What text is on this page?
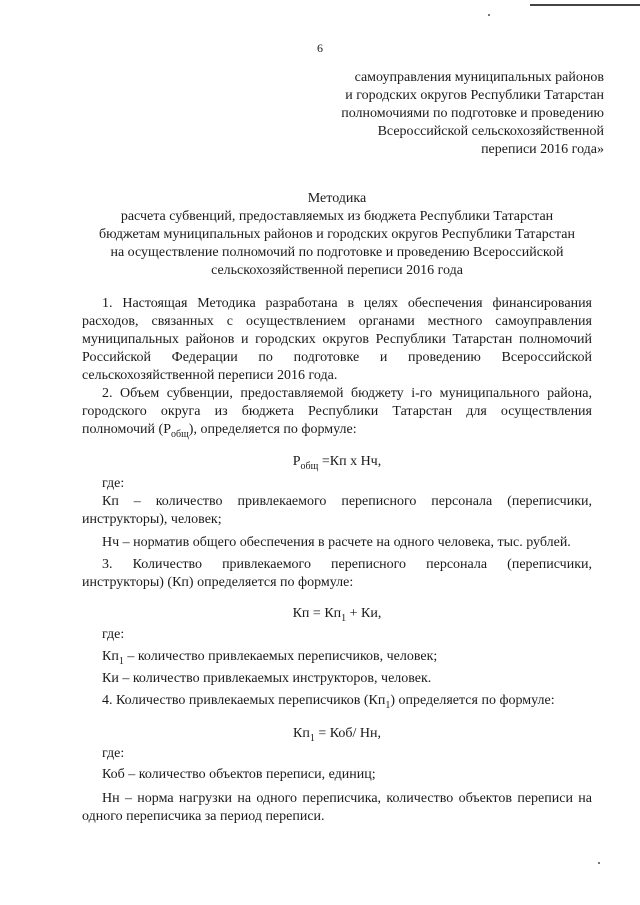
6
самоуправления муниципальных районов
и городских округов Республики Татарстан
полномочиями по подготовке и проведению
Всероссийской сельскохозяйственной
переписи 2016 года»
Методика
расчета субвенций, предоставляемых из бюджета Республики Татарстан
бюджетам муниципальных районов и городских округов Республики Татарстан
на осуществление полномочий по подготовке и проведению Всероссийской
сельскохозяйственной переписи 2016 года

1. Настоящая Методика разработана в целях обеспечения финансирования

расходов, связанных с осуществлением органами местного самоуправления

муниципальных районов и городских округов Республики Татарстан полномочий

Российской Федерации по подготовке и проведению Всероссийской

сельскохозяйственной переписи 2016 года.

2. Объем субвенции, предоставляемой бюджету i-го муниципального района,

городского округа из бюджета Республики Татарстан для осуществления

полномочий $(Р_{общ})$, определяется по формуле:

$Р_{общ} =Кп$ х Нч,
где:

Кп – количество привлекаемого переписного персонала (переписчики,

инструкторы), человек;

Нч – норматив общего обеспечения в расчете на одного человека, тыс. рублей.

3. Количество привлекаемого переписного персонала (переписчики,

инструкторы) (Кп) определяется по формуле:

Кп = $Кп_1$ + Ки,
где:
$Кп_1$ – количество привлекаемых переписчиков, человек;
Ки – количество привлекаемых инструкторов, человек.
4. Количество привлекаемых переписчиков $(Кп_1)$ определяется по формуле:
$Кп_1 = Коб/$ Нн,
где:
Коб – количество объектов переписи, единиц;

Нн – норма нагрузки на одного переписчика, количество объектов переписи на

одного переписчика за период переписи.
